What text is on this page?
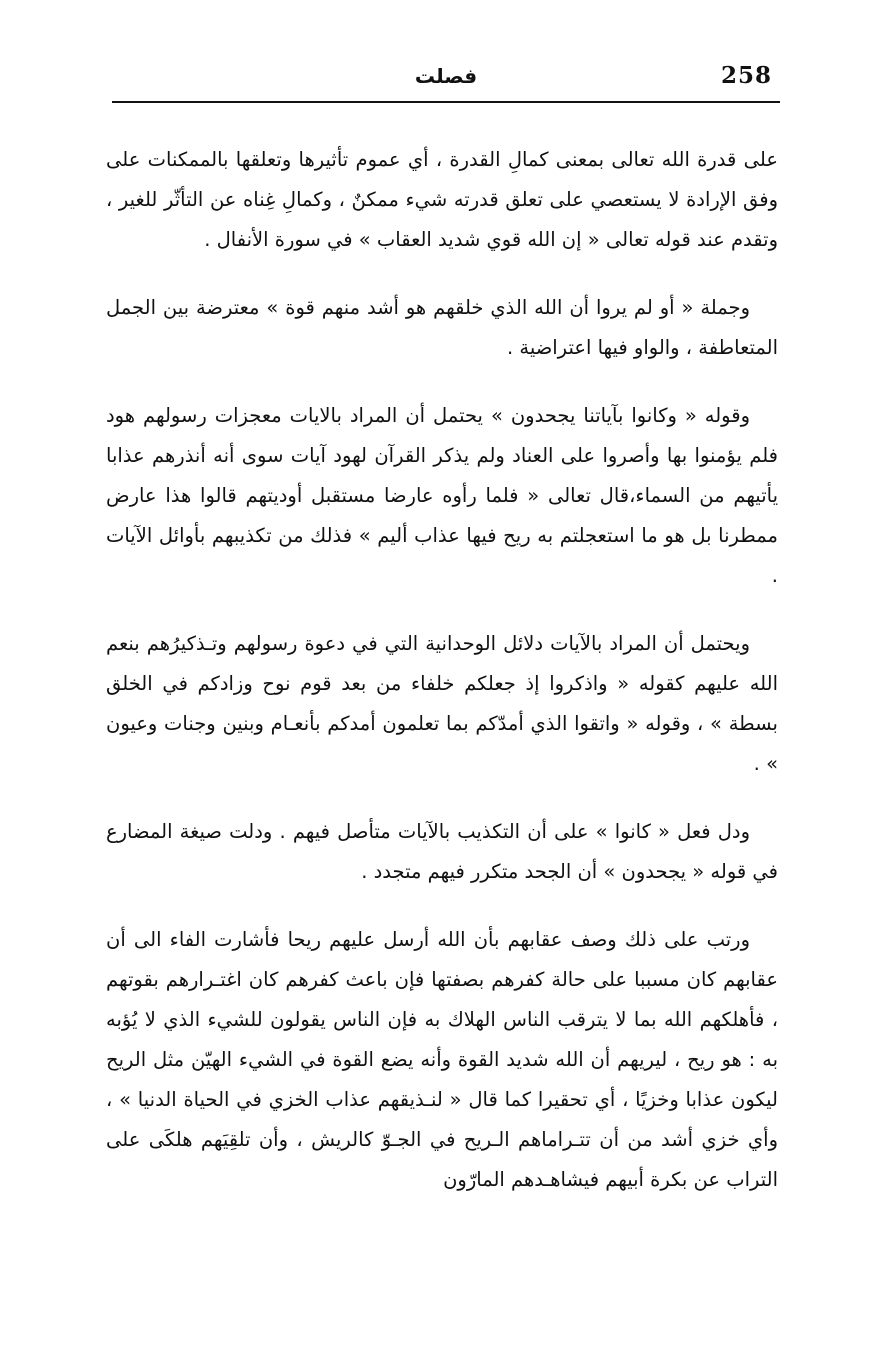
258
فصلت

على قدرة الله تعالى بمعنى كمالِ القدرة ، أي عموم تأثيرها وتعلقها بالممكنات على وفق الإرادة لا يستعصي على تعلق قدرته شيء ممكنٌ ، وكمالِ غِناه عن التأثّر للغير ، وتقدم عند قوله تعالى « إن الله قوي شديد العقاب » في سورة الأنفال .

وجملة « أو لم يروا أن الله الذي خلقهم هو أشد منهم قوة » معترضة بين الجمل المتعاطفة ، والواو فيها اعتراضية .

وقوله « وكانوا بآياتنا يجحدون » يحتمل أن المراد بالايات معجزات رسولهم هود فلم يؤمنوا بها وأصروا على العناد ولم يذكر القرآن لهود آيات سوى أنه أنذرهم عذابا يأتيهم من السماء،قال تعالى « فلما رأوه عارضا مستقبل أوديتهم قالوا هذا عارض ممطرنا بل هو ما استعجلتم به ريح فيها عذاب أليم » فذلك من تكذيبهم بأوائل الآيات .

ويحتمل أن المراد بالآيات دلائل الوحدانية التي في دعوة رسولهم وتـذكيرُهم بنعم الله عليهم كقوله « واذكروا إذ جعلكم خلفاء من بعد قوم نوح وزادكم في الخلق بسطة » ، وقوله « واتقوا الذي أمدّكم بما تعلمون أمدكم بأنعـام وبنين وجنات وعيون » .

ودل فعل « كانوا » على أن التكذيب بالآيات متأصل فيهم . ودلت صيغة المضارع في قوله « يجحدون » أن الجحد متكرر فيهم متجدد .

ورتب على ذلك وصف عقابهم بأن الله أرسل عليهم ريحا فأشارت الفاء الى أن عقابهم كان مسببا على حالة كفرهم بصفتها فإن باعث كفرهم كان اغتـرارهم بقوتهم ، فأهلكهم الله بما لا يترقب الناس الهلاك به فإن الناس يقولون للشيء الذي لا يُؤبه به : هو ريح ، ليريهم أن الله شديد القوة وأنه يضع القوة في الشيء الهيّن مثل الريح ليكون عذابا وخزيًا ، أي تحقيرا كما قال « لنـذيقهم عذاب الخزي في الحياة الدنيا » ، وأي خزي أشد من أن تتـراماهم الـريح في الجـوّ كالريش ، وأن تلقِيَهم هلكَى على التراب عن بكرة أبيهم فيشاهـدهم المارّون
